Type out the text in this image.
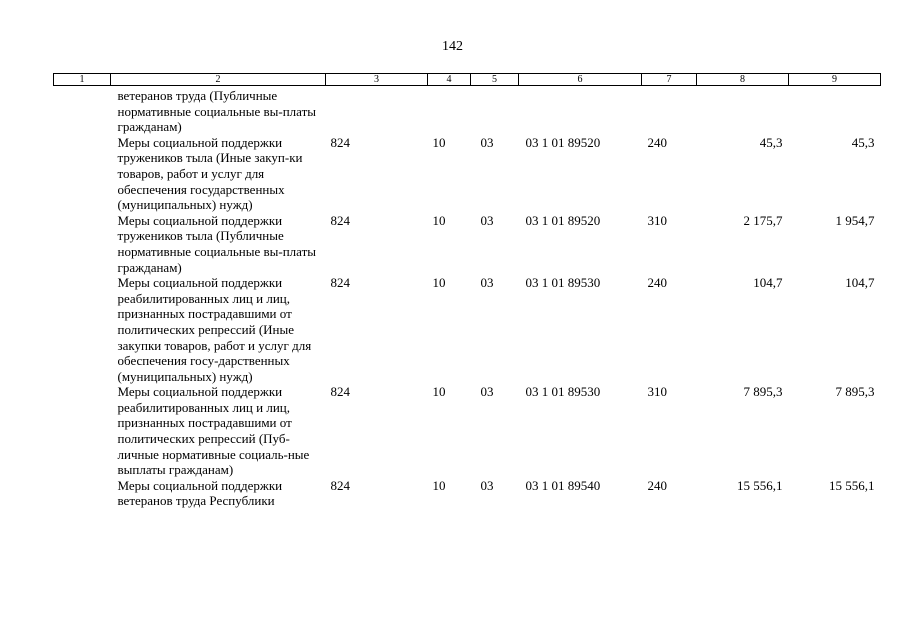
142
1	2	3	4	5	6	7	8	9
	ветеранов труда (Публичные нормативные социальные вы-платы гражданам)							
	Меры социальной поддержки тружеников тыла (Иные закуп-ки товаров, работ и услуг для обеспечения государственных (муниципальных) нужд)	824	10	03	03 1 01 89520	240	45,3	45,3
	Меры социальной поддержки тружеников тыла (Публичные нормативные социальные вы-платы гражданам)	824	10	03	03 1 01 89520	310	2 175,7	1 954,7
	Меры социальной поддержки реабилитированных лиц и лиц, признанных пострадавшими от политических репрессий (Иные закупки товаров, работ и услуг для обеспечения госу-дарственных (муниципальных) нужд)	824	10	03	03 1 01 89530	240	104,7	104,7
	Меры социальной поддержки реабилитированных лиц и лиц, признанных пострадавшими от политических репрессий (Пуб-личные нормативные социаль-ные выплаты гражданам)	824	10	03	03 1 01 89530	310	7 895,3	7 895,3
	Меры социальной поддержки ветеранов труда Республики	824	10	03	03 1 01 89540	240	15 556,1	15 556,1
